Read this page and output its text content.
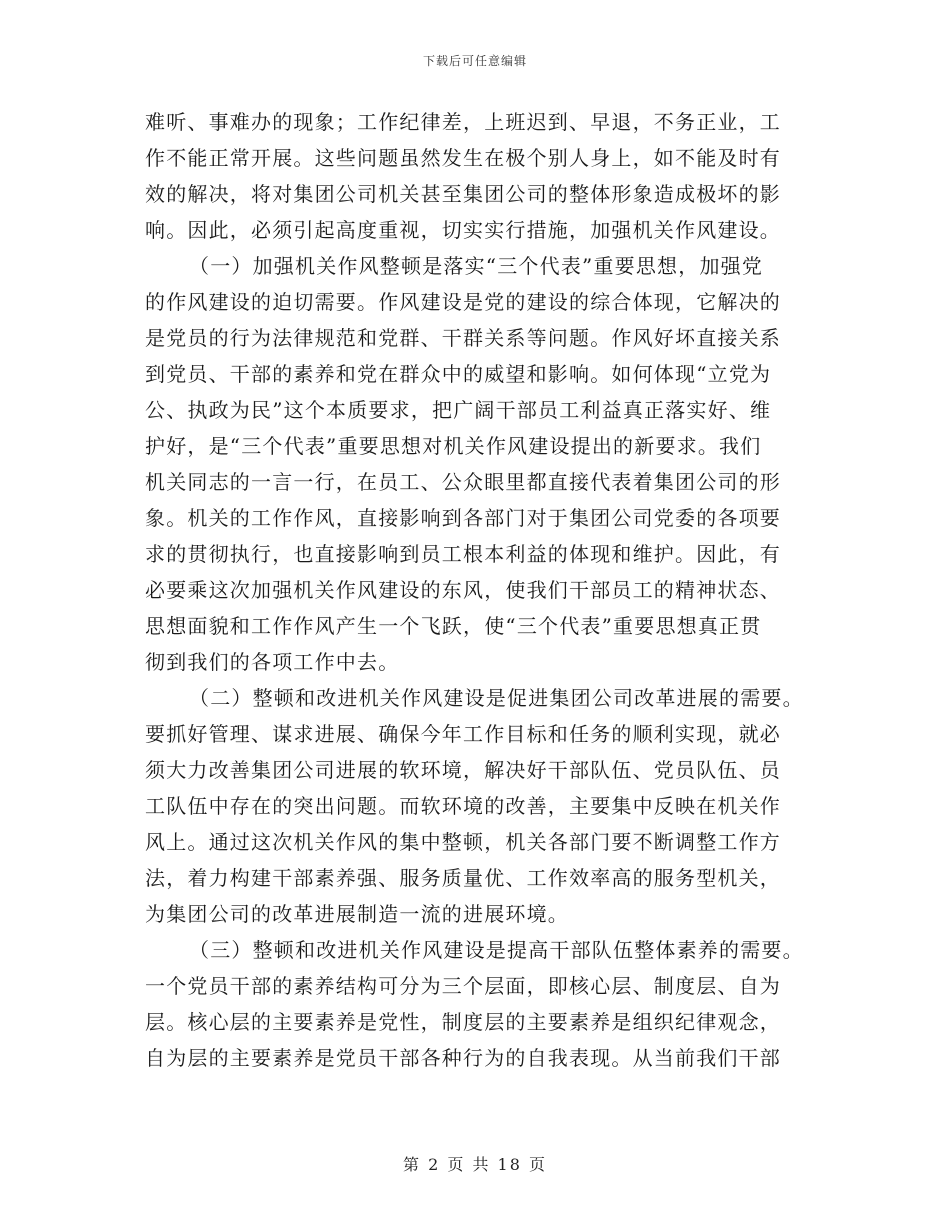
下载后可任意编辑
难听、事难办的现象；工作纪律差，上班迟到、早退，不务正业，工
作不能正常开展。这些问题虽然发生在极个别人身上，如不能及时有
效的解决，将对集团公司机关甚至集团公司的整体形象造成极坏的影
响。因此，必须引起高度重视，切实实行措施，加强机关作风建设。
（一）加强机关作风整顿是落实“三个代表”重要思想，加强党
的作风建设的迫切需要。作风建设是党的建设的综合体现，它解决的
是党员的行为法律规范和党群、干群关系等问题。作风好坏直接关系
到党员、干部的素养和党在群众中的威望和影响。如何体现“立党为
公、执政为民”这个本质要求，把广阔干部员工利益真正落实好、维
护好，是“三个代表”重要思想对机关作风建设提出的新要求。我们
机关同志的一言一行，在员工、公众眼里都直接代表着集团公司的形
象。机关的工作作风，直接影响到各部门对于集团公司党委的各项要
求的贯彻执行，也直接影响到员工根本利益的体现和维护。因此，有
必要乘这次加强机关作风建设的东风，使我们干部员工的精神状态、
思想面貌和工作作风产生一个飞跃，使“三个代表”重要思想真正贯
彻到我们的各项工作中去。
（二）整顿和改进机关作风建设是促进集团公司改革进展的需要。
要抓好管理、谋求进展、确保今年工作目标和任务的顺利实现，就必
须大力改善集团公司进展的软环境，解决好干部队伍、党员队伍、员
工队伍中存在的突出问题。而软环境的改善，主要集中反映在机关作
风上。通过这次机关作风的集中整顿，机关各部门要不断调整工作方
法，着力构建干部素养强、服务质量优、工作效率高的服务型机关，
为集团公司的改革进展制造一流的进展环境。
（三）整顿和改进机关作风建设是提高干部队伍整体素养的需要。
一个党员干部的素养结构可分为三个层面，即核心层、制度层、自为
层。核心层的主要素养是党性，制度层的主要素养是组织纪律观念，
自为层的主要素养是党员干部各种行为的自我表现。从当前我们干部
第 2 页 共 18 页
